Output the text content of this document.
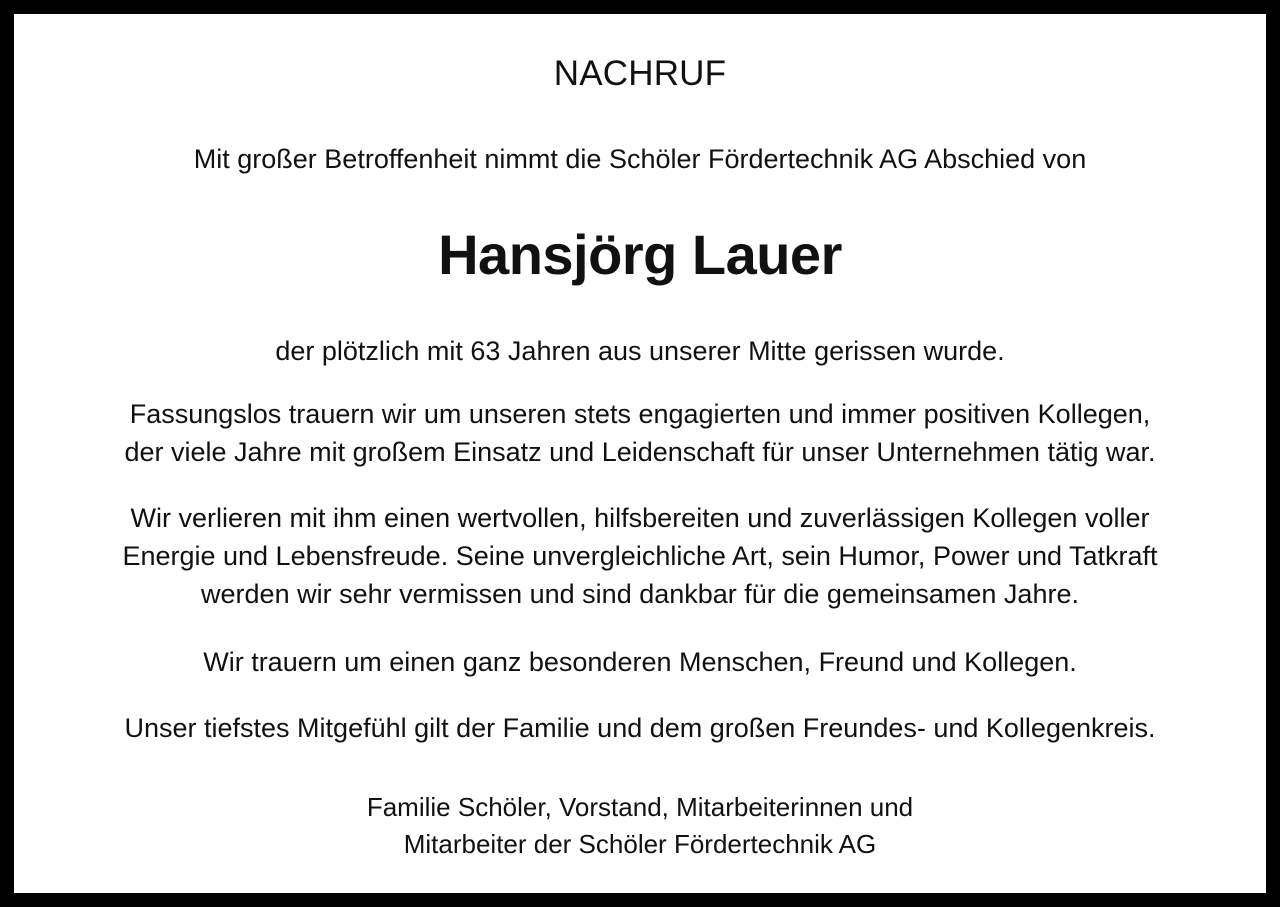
NACHRUF

Mit großer Betroffenheit nimmt die Schöler Fördertechnik AG Abschied von

Hansjörg Lauer

der plötzlich mit 63 Jahren aus unserer Mitte gerissen wurde.

Fassungslos trauern wir um unseren stets engagierten und immer positiven Kollegen,
der viele Jahre mit großem Einsatz und Leidenschaft für unser Unternehmen tätig war.

Wir verlieren mit ihm einen wertvollen, hilfsbereiten und zuverlässigen Kollegen voller
Energie und Lebensfreude. Seine unvergleichliche Art, sein Humor, Power und Tatkraft
werden wir sehr vermissen und sind dankbar für die gemeinsamen Jahre.

Wir trauern um einen ganz besonderen Menschen, Freund und Kollegen.

Unser tiefstes Mitgefühl gilt der Familie und dem großen Freundes- und Kollegenkreis.

Familie Schöler, Vorstand, Mitarbeiterinnen und
Mitarbeiter der Schöler Fördertechnik AG
